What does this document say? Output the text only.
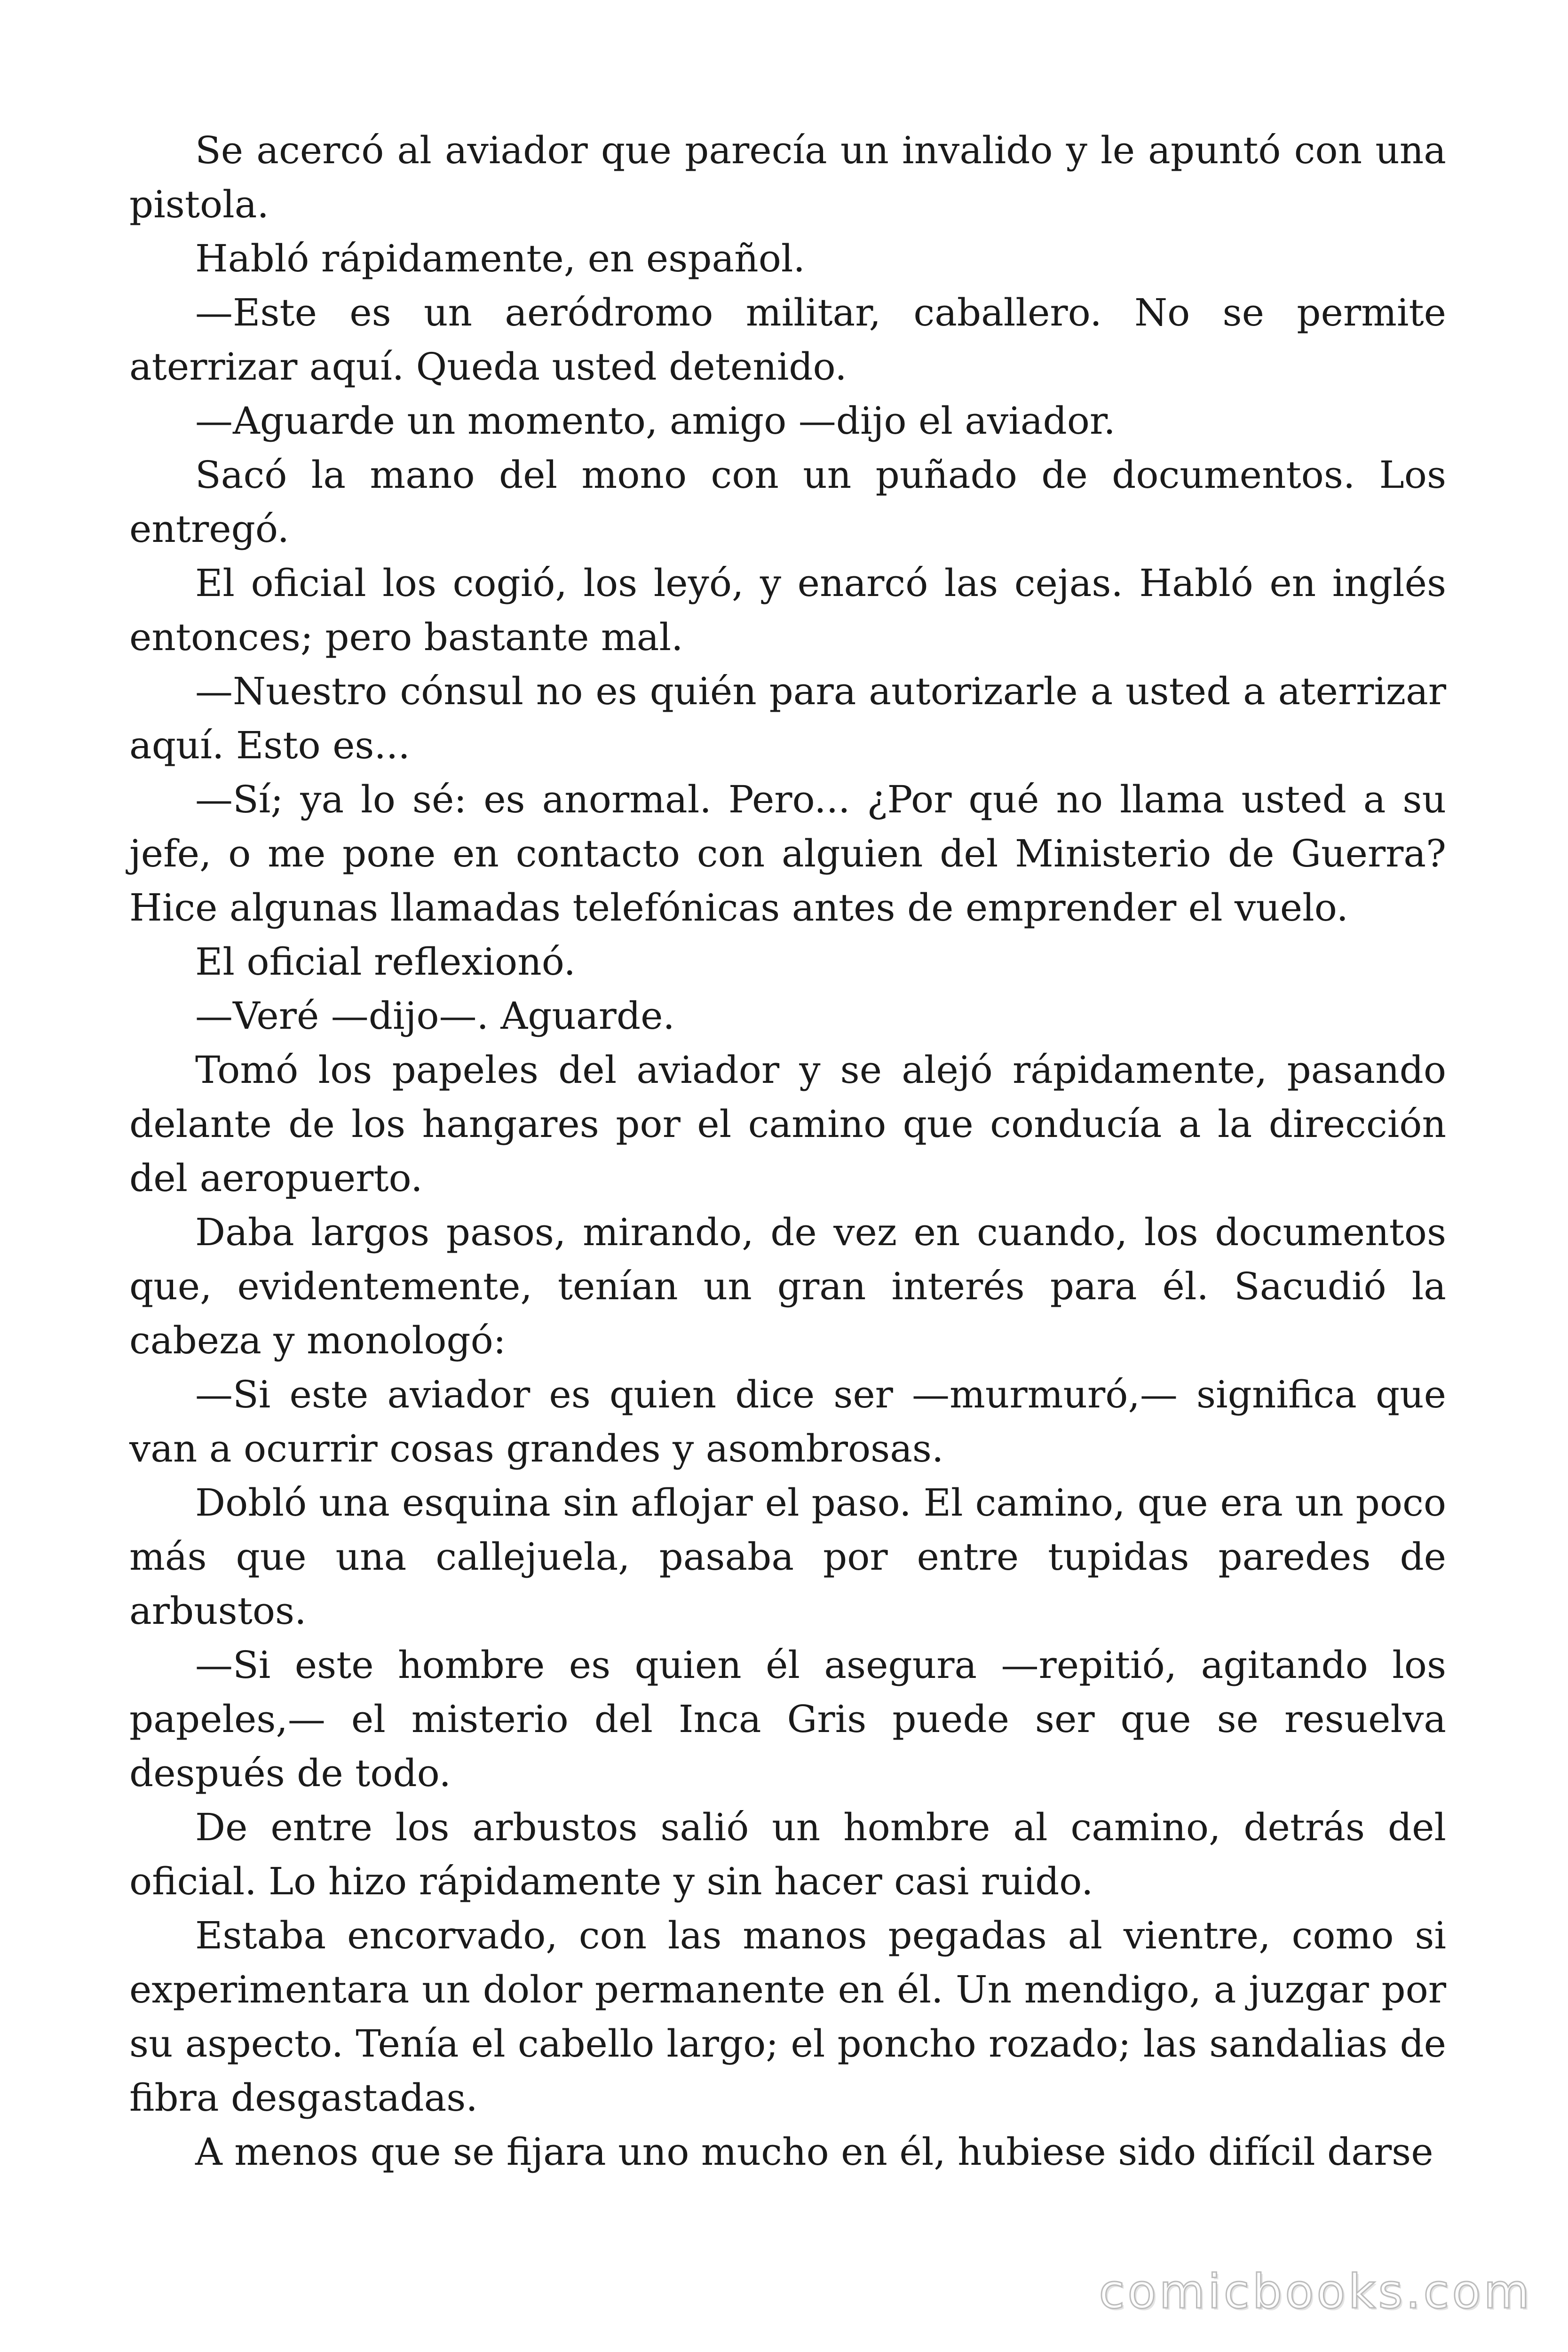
Se acercó al aviador que parecía un invalido y le apuntó con una pistola.

Habló rápidamente, en español.

—Este es un aeródromo militar, caballero. No se permite aterrizar aquí. Queda usted detenido.

—Aguarde un momento, amigo —dijo el aviador.

Sacó la mano del mono con un puñado de documentos. Los entregó.

El oficial los cogió, los leyó, y enarcó las cejas. Habló en inglés entonces; pero bastante mal.

—Nuestro cónsul no es quién para autorizarle a usted a aterrizar aquí. Esto es...

—Sí; ya lo sé: es anormal. Pero... ¿Por qué no llama usted a su jefe, o me pone en contacto con alguien del Ministerio de Guerra? Hice algunas llamadas telefónicas antes de emprender el vuelo.

El oficial reflexionó.

—Veré —dijo—. Aguarde.

Tomó los papeles del aviador y se alejó rápidamente, pasando delante de los hangares por el camino que conducía a la dirección del aeropuerto.

Daba largos pasos, mirando, de vez en cuando, los documentos que, evidentemente, tenían un gran interés para él. Sacudió la cabeza y monologó:

—Si este aviador es quien dice ser —murmuró,— significa que van a ocurrir cosas grandes y asombrosas.

Dobló una esquina sin aflojar el paso. El camino, que era un poco más que una callejuela, pasaba por entre tupidas paredes de arbustos.

—Si este hombre es quien él asegura —repitió, agitando los papeles,— el misterio del Inca Gris puede ser que se resuelva después de todo.

De entre los arbustos salió un hombre al camino, detrás del oficial. Lo hizo rápidamente y sin hacer casi ruido.

Estaba encorvado, con las manos pegadas al vientre, como si experimentara un dolor permanente en él. Un mendigo, a juzgar por su aspecto. Tenía el cabello largo; el poncho rozado; las sandalias de fibra desgastadas.

A menos que se fijara uno mucho en él, hubiese sido difícil darse

comicbooks.com
